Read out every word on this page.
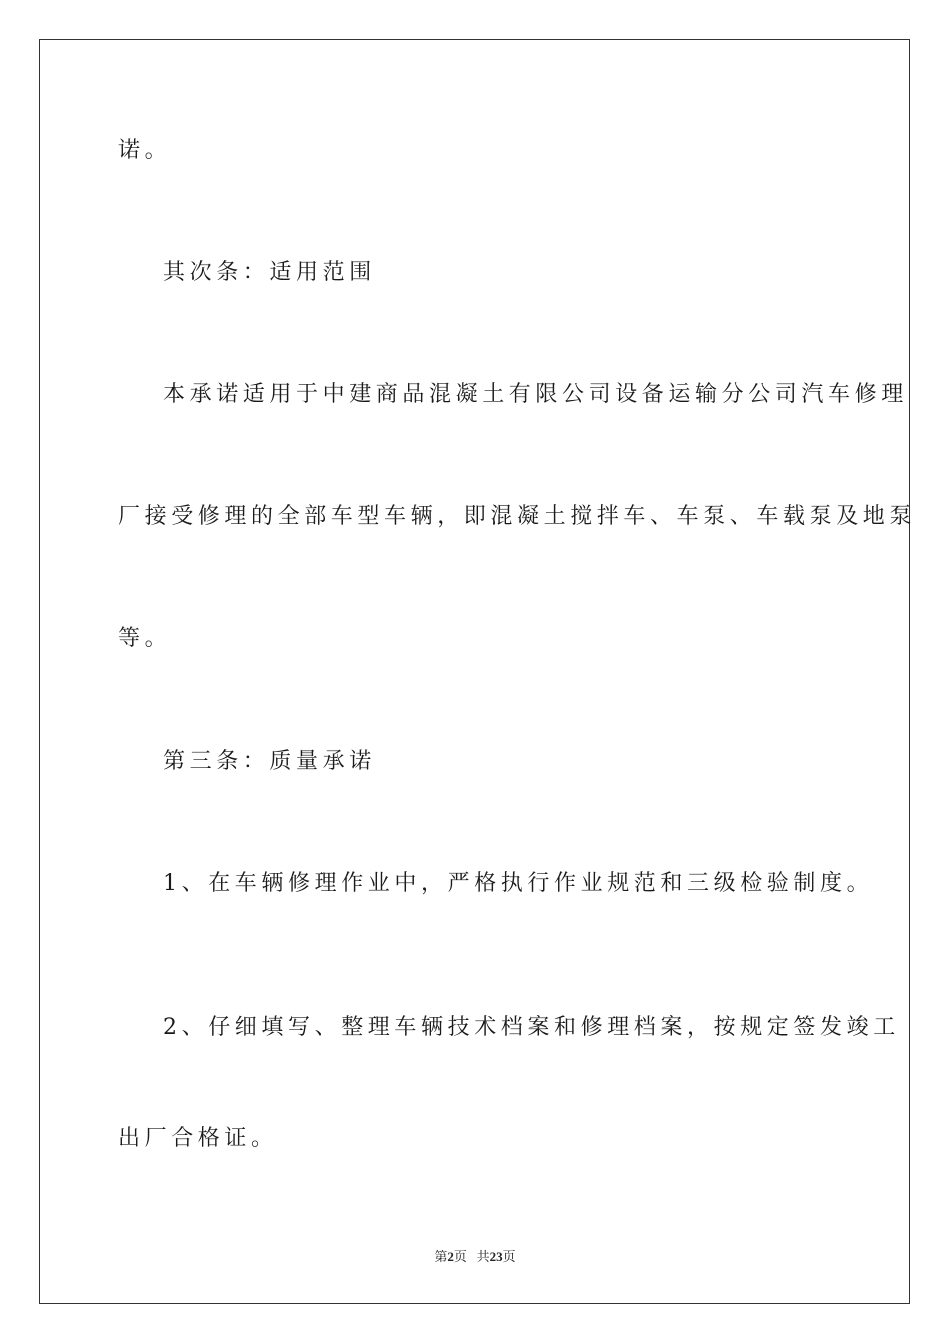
诺。
其次条：适用范围
本承诺适用于中建商品混凝土有限公司设备运输分公司汽车修理
厂接受修理的全部车型车辆，即混凝土搅拌车、车泵、车载泵及地泵
等。
第三条：质量承诺
1、在车辆修理作业中，严格执行作业规范和三级检验制度。
2、仔细填写、整理车辆技术档案和修理档案，按规定签发竣工
出厂合格证。
第2页   共23页
